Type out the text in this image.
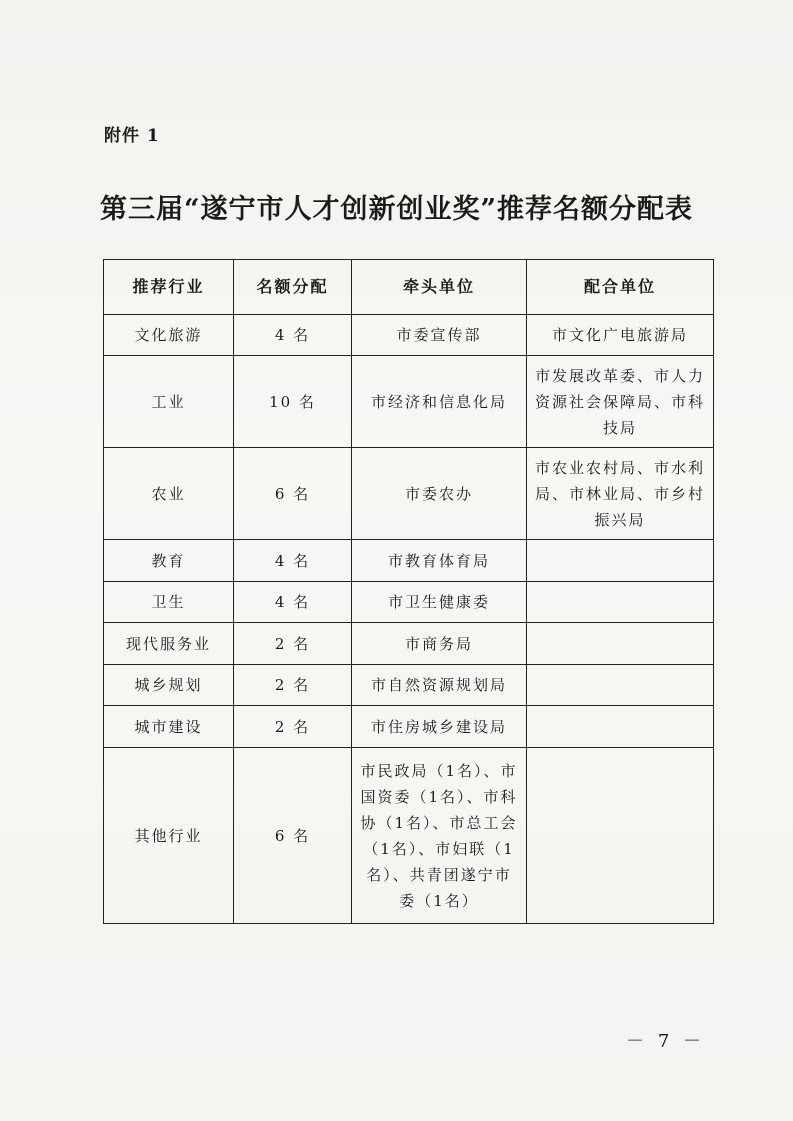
附件 1
第三届“遂宁市人才创新创业奖”推荐名额分配表
推荐行业	名额分配	牵头单位	配合单位
文化旅游	4 名	市委宣传部	市文化广电旅游局
工业	10 名	市经济和信息化局	市发展改革委、市人力资源社会保障局、市科技局
农业	6 名	市委农办	市农业农村局、市水利局、市林业局、市乡村振兴局
教育	4 名	市教育体育局	
卫生	4 名	市卫生健康委	
现代服务业	2 名	市商务局	
城乡规划	2 名	市自然资源规划局	
城市建设	2 名	市住房城乡建设局	
其他行业	6 名	市民政局（1名）、市国资委（1名）、市科协（1名）、市总工会（1名）、市妇联（1名）、共青团遂宁市委（1名）	
－ 7 －
